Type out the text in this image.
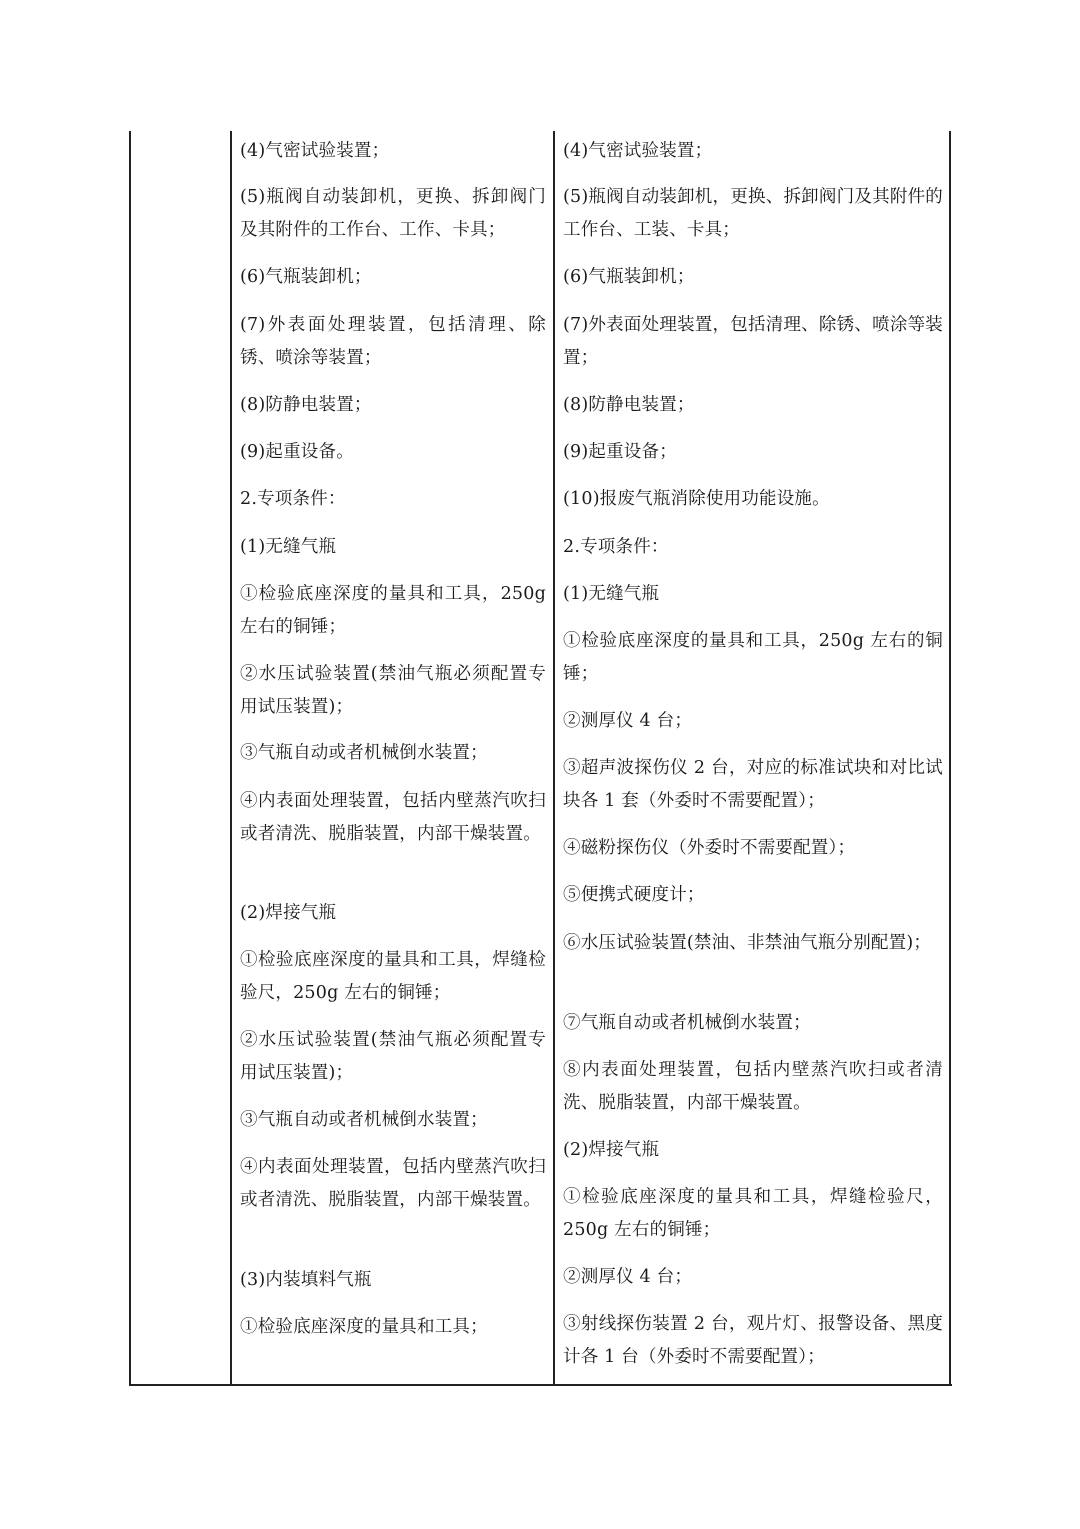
(4)气密试验装置；

(5)瓶阀自动装卸机，更换、拆卸阀门及其附件的工作台、工作、卡具；

(6)气瓶装卸机；

(7)外表面处理装置，包括清理、除锈、喷涂等装置；

(8)防静电装置；

(9)起重设备。

2.专项条件：

(1)无缝气瓶

①检验底座深度的量具和工具，250g 左右的铜锤；

②水压试验装置(禁油气瓶必须配置专用试压装置)；

③气瓶自动或者机械倒水装置；

④内表面处理装置，包括内壁蒸汽吹扫或者清洗、脱脂装置，内部干燥装置。

(2)焊接气瓶

①检验底座深度的量具和工具，焊缝检验尺，250g 左右的铜锤；

②水压试验装置(禁油气瓶必须配置专用试压装置)；

③气瓶自动或者机械倒水装置；

④内表面处理装置，包括内壁蒸汽吹扫或者清洗、脱脂装置，内部干燥装置。

(3)内装填料气瓶

①检验底座深度的量具和工具；

(4)气密试验装置；

(5)瓶阀自动装卸机，更换、拆卸阀门及其附件的工作台、工装、卡具；

(6)气瓶装卸机；

(7)外表面处理装置，包括清理、除锈、喷涂等装置；

(8)防静电装置；

(9)起重设备；

(10)报废气瓶消除使用功能设施。

2.专项条件：

(1)无缝气瓶

①检验底座深度的量具和工具，250g 左右的铜锤；

②测厚仪 4 台；

③超声波探伤仪 2 台，对应的标准试块和对比试块各 1 套（外委时不需要配置）；

④磁粉探伤仪（外委时不需要配置）；

⑤便携式硬度计；

⑥水压试验装置(禁油、非禁油气瓶分别配置)；

⑦气瓶自动或者机械倒水装置；

⑧内表面处理装置，包括内壁蒸汽吹扫或者清洗、脱脂装置，内部干燥装置。

(2)焊接气瓶

①检验底座深度的量具和工具，焊缝检验尺，250g 左右的铜锤；

②测厚仪 4 台；

③射线探伤装置 2 台，观片灯、报警设备、黑度计各 1 台（外委时不需要配置）；
